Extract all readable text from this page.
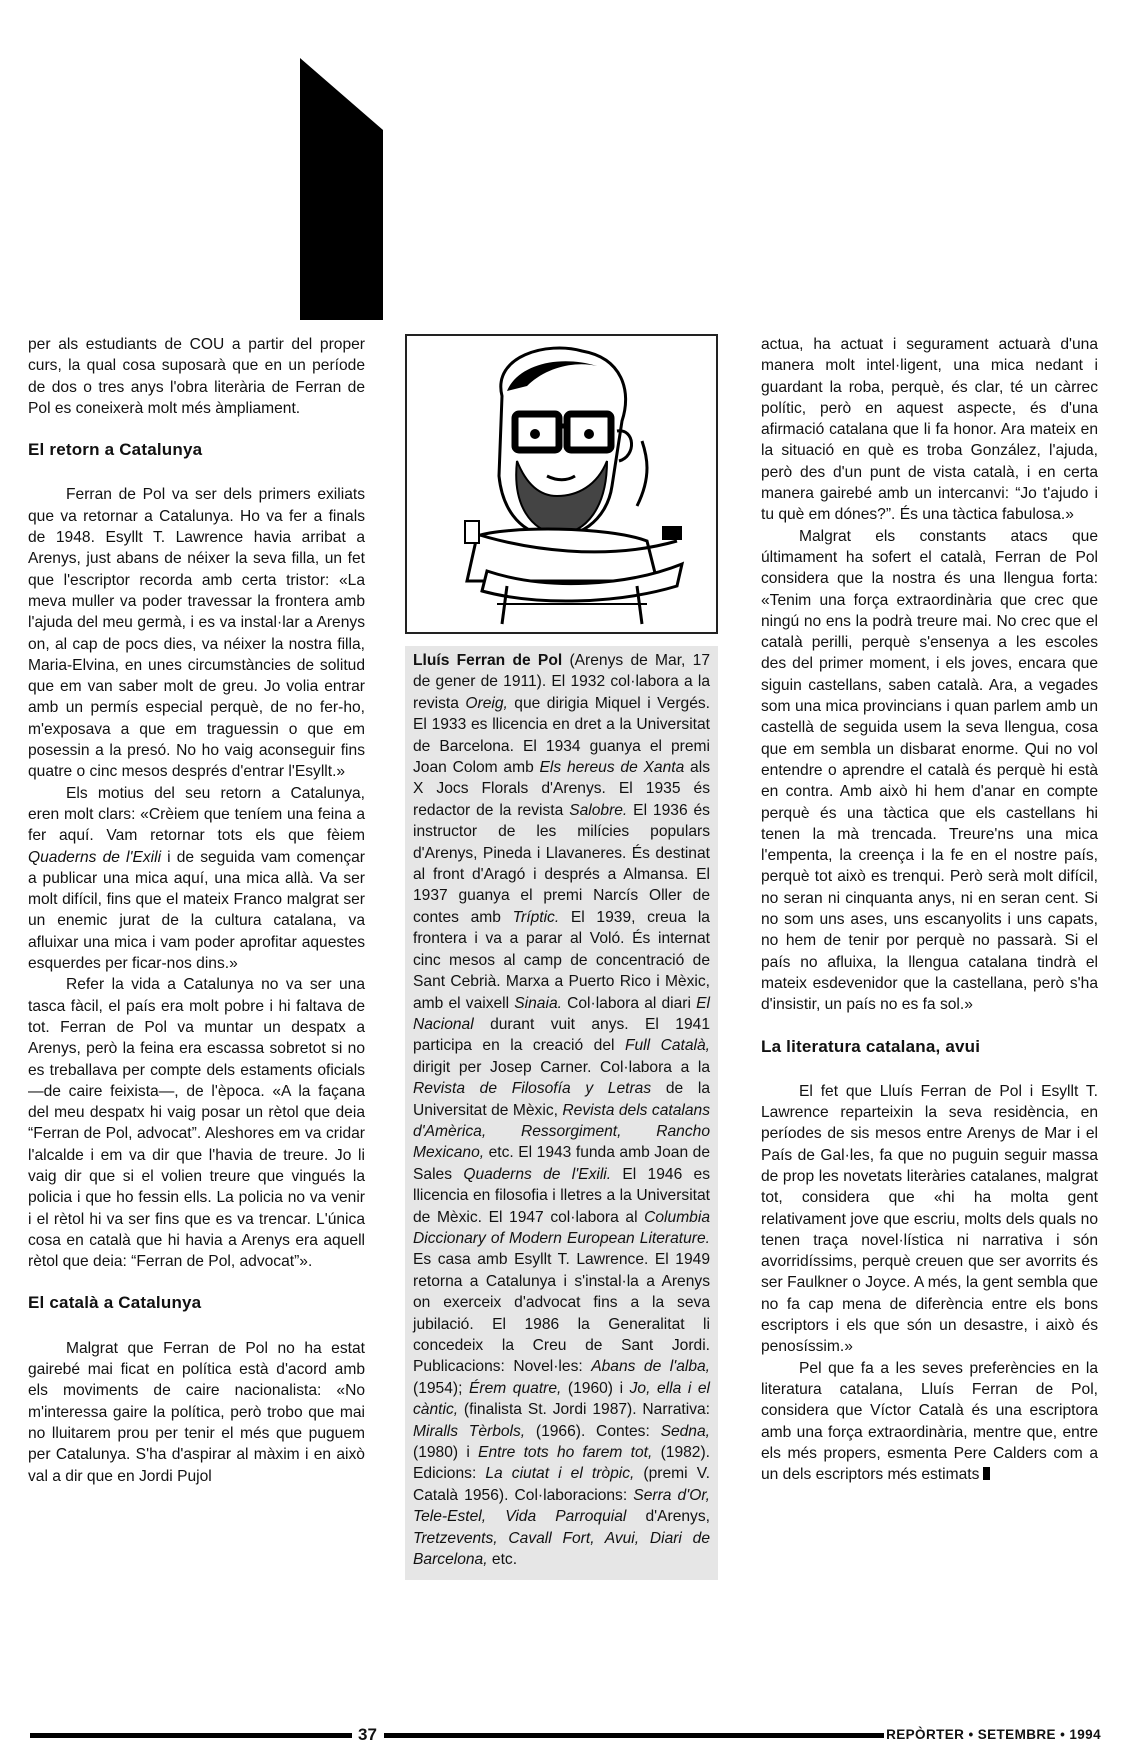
per als estudiants de COU a partir del proper curs, la qual cosa suposarà que en un període de dos o tres anys l'obra literària de Ferran de Pol es coneixerà molt més àmpliament.

El retorn a Catalunya

Ferran de Pol va ser dels primers exiliats que va retornar a Catalunya. Ho va fer a finals de 1948. Esyllt T. Lawrence havia arribat a Arenys, just abans de néixer la seva filla, un fet que l'escriptor recorda amb certa tristor: «La meva muller va poder travessar la frontera amb l'ajuda del meu germà, i es va instal·lar a Arenys on, al cap de pocs dies, va néixer la nostra filla, Maria-Elvina, en unes circumstàncies de solitud que em van saber molt de greu. Jo volia entrar amb un permís especial perquè, de no fer-ho, m'exposava a que em traguessin o que em posessin a la presó. No ho vaig aconseguir fins quatre o cinc mesos després d'entrar l'Esyllt.»

Els motius del seu retorn a Catalunya, eren molt clars: «Crèiem que teníem una feina a fer aquí. Vam retornar tots els que fèiem Quaderns de l'Exili i de seguida vam començar a publicar una mica aquí, una mica allà. Va ser molt difícil, fins que el mateix Franco malgrat ser un enemic jurat de la cultura catalana, va afluixar una mica i vam poder aprofitar aquestes esquerdes per ficar-nos dins.»

Refer la vida a Catalunya no va ser una tasca fàcil, el país era molt pobre i hi faltava de tot. Ferran de Pol va muntar un despatx a Arenys, però la feina era escassa sobretot si no es treballava per compte dels estaments oficials —de caire feixista—, de l'època. «A la façana del meu despatx hi vaig posar un rètol que deia “Ferran de Pol, advocat”. Aleshores em va cridar l'alcalde i em va dir que l'havia de treure. Jo li vaig dir que si el volien treure que vingués la policia i que ho fessin ells. La policia no va venir i el rètol hi va ser fins que es va trencar. L'única cosa en català que hi havia a Arenys era aquell rètol que deia: “Ferran de Pol, advocat”».

El català a Catalunya

Malgrat que Ferran de Pol no ha estat gairebé mai ficat en política està d'acord amb els moviments de caire nacionalista: «No m'interessa gaire la política, però trobo que mai no lluitarem prou per tenir el més que puguem per Catalunya. S'ha d'aspirar al màxim i en això val a dir que en Jordi Pujol

Lluís Ferran de Pol (Arenys de Mar, 17 de gener de 1911). El 1932 col·labora a la revista Oreig, que dirigia Miquel i Vergés. El 1933 es llicencia en dret a la Universitat de Barcelona. El 1934 guanya el premi Joan Colom amb Els hereus de Xanta als X Jocs Florals d'Arenys. El 1935 és redactor de la revista Salobre. El 1936 és instructor de les milícies populars d'Arenys, Pineda i Llavaneres. És destinat al front d'Aragó i després a Almansa. El 1937 guanya el premi Narcís Oller de contes amb Tríptic. El 1939, creua la frontera i va a parar al Voló. És internat cinc mesos al camp de concentració de Sant Cebrià. Marxa a Puerto Rico i Mèxic, amb el vaixell Sinaia. Col·labora al diari El Nacional durant vuit anys. El 1941 participa en la creació del Full Català, dirigit per Josep Carner. Col·labora a la Revista de Filosofía y Letras de la Universitat de Mèxic, Revista dels catalans d'Amèrica, Ressorgiment, Rancho Mexicano, etc. El 1943 funda amb Joan de Sales Quaderns de l'Exili. El 1946 es llicencia en filosofia i lletres a la Universitat de Mèxic. El 1947 col·labora al Columbia Diccionary of Modern European Literature. Es casa amb Esyllt T. Lawrence. El 1949 retorna a Catalunya i s'instal·la a Arenys on exerceix d'advocat fins a la seva jubilació. El 1986 la Generalitat li concedeix la Creu de Sant Jordi. Publicacions: Novel·les: Abans de l'alba, (1954); Érem quatre, (1960) i Jo, ella i el càntic, (finalista St. Jordi 1987). Narrativa: Miralls Tèrbols, (1966). Contes: Sedna, (1980) i Entre tots ho farem tot, (1982). Edicions: La ciutat i el tròpic, (premi V. Català 1956). Col·laboracions: Serra d'Or, Tele-Estel, Vida Parroquial d'Arenys, Tretzevents, Cavall Fort, Avui, Diari de Barcelona, etc.

actua, ha actuat i segurament actuarà d'una manera molt intel·ligent, una mica nedant i guardant la roba, perquè, és clar, té un càrrec polític, però en aquest aspecte, és d'una afirmació catalana que li fa honor. Ara mateix en la situació en què es troba González, l'ajuda, però des d'un punt de vista català, i en certa manera gairebé amb un intercanvi: “Jo t'ajudo i tu què em dónes?”. És una tàctica fabulosa.»

Malgrat els constants atacs que últimament ha sofert el català, Ferran de Pol considera que la nostra és una llengua forta: «Tenim una força extraordinària que crec que ningú no ens la podrà treure mai. No crec que el català perilli, perquè s'ensenya a les escoles des del primer moment, i els joves, encara que siguin castellans, saben català. Ara, a vegades som una mica provincians i quan parlem amb un castellà de seguida usem la seva llengua, cosa que em sembla un disbarat enorme. Qui no vol entendre o aprendre el català és perquè hi està en contra. Amb això hi hem d'anar en compte perquè és una tàctica que els castellans hi tenen la mà trencada. Treure'ns una mica l'empenta, la creença i la fe en el nostre país, perquè tot això es trenqui. Però serà molt difícil, no seran ni cinquanta anys, ni en seran cent. Si no som uns ases, uns escanyolits i uns capats, no hem de tenir por perquè no passarà. Si el país no afluixa, la llengua catalana tindrà el mateix esdevenidor que la castellana, però s'ha d'insistir, un país no es fa sol.»

La literatura catalana, avui

El fet que Lluís Ferran de Pol i Esyllt T. Lawrence reparteixin la seva residència, en períodes de sis mesos entre Arenys de Mar i el País de Gal·les, fa que no puguin seguir massa de prop les novetats literàries catalanes, malgrat tot, considera que «hi ha molta gent relativament jove que escriu, molts dels quals no tenen traça novel·lística ni narrativa i són avorridíssims, perquè creuen que ser avorrits és ser Faulkner o Joyce. A més, la gent sembla que no fa cap mena de diferència entre els bons escriptors i els que són un desastre, i això és penosíssim.»

Pel que fa a les seves preferències en la literatura catalana, Lluís Ferran de Pol, considera que Víctor Català és una escriptora amb una força extraordinària, mentre que, entre els més propers, esmenta Pere Calders com a un dels escriptors més estimats

37	REPÒRTER • SETEMBRE • 1994
